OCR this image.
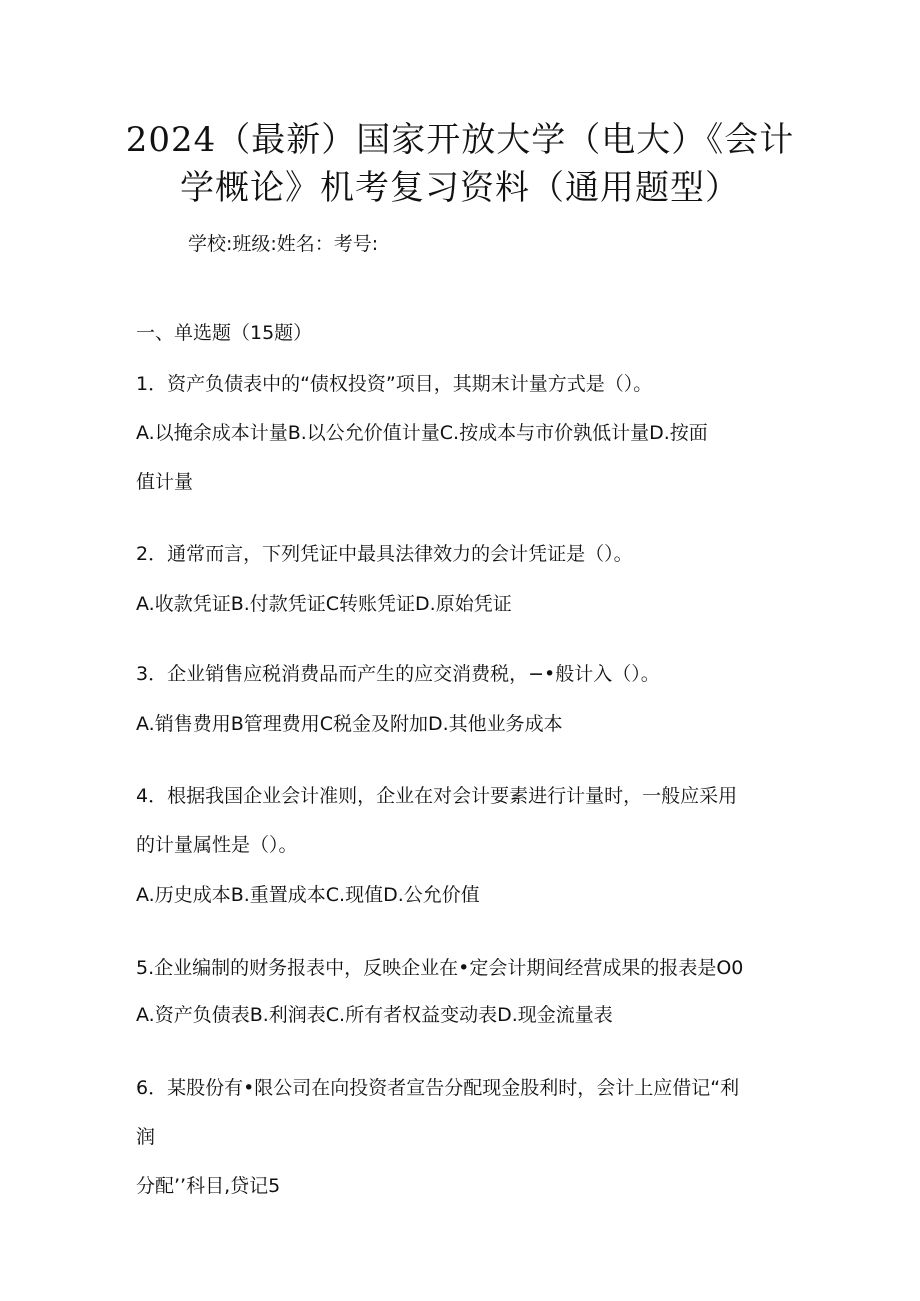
2024（最新）国家开放大学（电大）《会计
学概论》机考复习资料（通用题型）
学校:班级:姓名：考号:
一、单选题（15题）
1．资产负债表中的“债权投资”项目，其期末计量方式是（）。
A.以掩余成本计量B.以公允价值计量C.按成本与市价孰低计量D.按面
值计量
2．通常而言，下列凭证中最具法律效力的会计凭证是（）。
A.收款凭证B.付款凭证C转账凭证D.原始凭证
3．企业销售应税消费品而产生的应交消费税，−•般计入（）。
A.销售费用B管理费用C税金及附加D.其他业务成本
4．根据我国企业会计准则，企业在对会计要素进行计量时，一般应采用
的计量属性是（）。
A.历史成本B.重置成本C.现值D.公允价值
5.企业编制的财务报表中，反映企业在•定会计期间经营成果的报表是O0
A.资产负债表B.利润表C.所有者权益变动表D.现金流量表
6．某股份有•限公司在向投资者宣告分配现金股利时，会计上应借记“利
润
分配’’科目,贷记5
